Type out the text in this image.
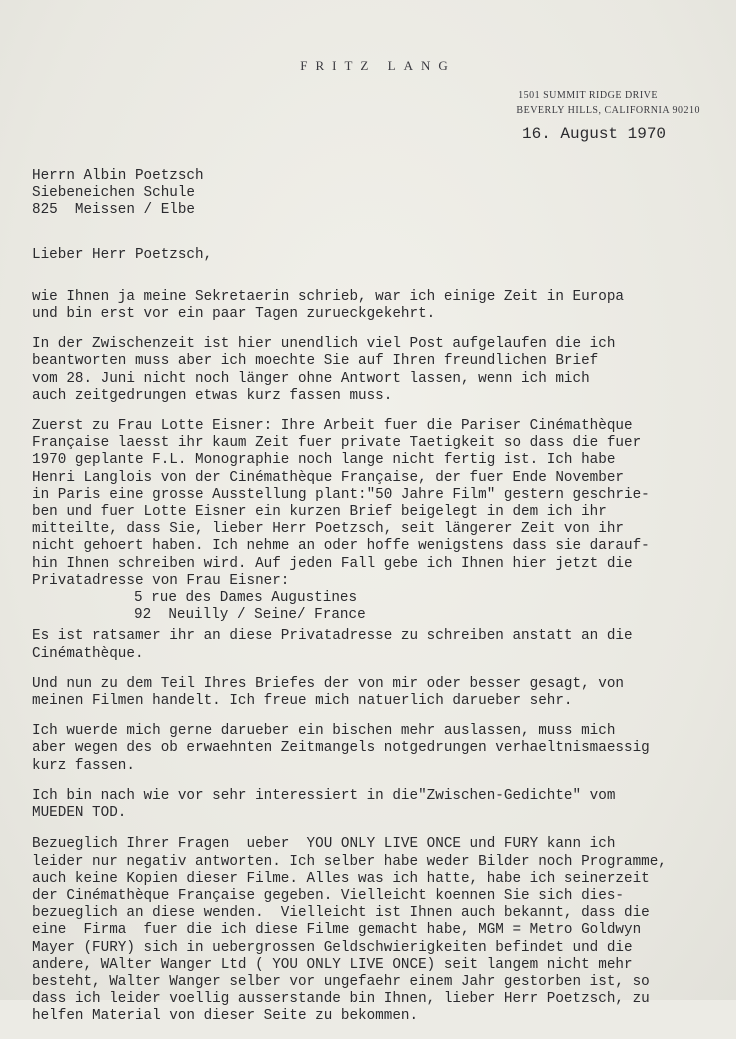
FRITZ LANG
1501 SUMMIT RIDGE DRIVE
BEVERLY HILLS, CALIFORNIA 90210
16. August 1970

Herrn Albin Poetzsch

Siebeneichen Schule

825  Meissen / Elbe

Lieber Herr Poetzsch,

wie Ihnen ja meine Sekretaerin schrieb, war ich einige Zeit in Europa

und bin erst vor ein paar Tagen zurueckgekehrt.

In der Zwischenzeit ist hier unendlich viel Post aufgelaufen die ich

beantworten muss aber ich moechte Sie auf Ihren freundlichen Brief

vom 28. Juni nicht noch länger ohne Antwort lassen, wenn ich mich

auch zeitgedrungen etwas kurz fassen muss.

Zuerst zu Frau Lotte Eisner: Ihre Arbeit fuer die Pariser Cinémathèque

Française laesst ihr kaum Zeit fuer private Taetigkeit so dass die fuer

1970 geplante F.L. Monographie noch lange nicht fertig ist. Ich habe

Henri Langlois von der Cinémathèque Française, der fuer Ende November

in Paris eine grosse Ausstellung plant:"50 Jahre Film" gestern geschrie-

ben und fuer Lotte Eisner ein kurzen Brief beigelegt in dem ich ihr

mitteilte, dass Sie, lieber Herr Poetzsch, seit längerer Zeit von ihr

nicht gehoert haben. Ich nehme an oder hoffe wenigstens dass sie darauf-

hin Ihnen schreiben wird. Auf jeden Fall gebe ich Ihnen hier jetzt die

Privatadresse von Frau Eisner:

5 rue des Dames Augustines

92  Neuilly / Seine/ France

Es ist ratsamer ihr an diese Privatadresse zu schreiben anstatt an die

Cinémathèque.

Und nun zu dem Teil Ihres Briefes der von mir oder besser gesagt, von

meinen Filmen handelt. Ich freue mich natuerlich darueber sehr.

Ich wuerde mich gerne darueber ein bischen mehr auslassen, muss mich

aber wegen des ob erwaehnten Zeitmangels notgedrungen verhaeltnismaessig

kurz fassen.

Ich bin nach wie vor sehr interessiert in die"Zwischen-Gedichte" vom

MUEDEN TOD.

Bezueglich Ihrer Fragen  ueber  YOU ONLY LIVE ONCE und FURY kann ich

leider nur negativ antworten. Ich selber habe weder Bilder noch Programme,

auch keine Kopien dieser Filme. Alles was ich hatte, habe ich seinerzeit

der Cinémathèque Française gegeben. Vielleicht koennen Sie sich dies-

bezueglich an diese wenden.  Vielleicht ist Ihnen auch bekannt, dass die

eine  Firma  fuer die ich diese Filme gemacht habe, MGM = Metro Goldwyn

Mayer (FURY) sich in uebergrossen Geldschwierigkeiten befindet und die

andere, WAlter Wanger Ltd ( YOU ONLY LIVE ONCE) seit langem nicht mehr

besteht, Walter Wanger selber vor ungefaehr einem Jahr gestorben ist, so

dass ich leider voellig ausserstande bin Ihnen, lieber Herr Poetzsch, zu

helfen Material von dieser Seite zu bekommen.
